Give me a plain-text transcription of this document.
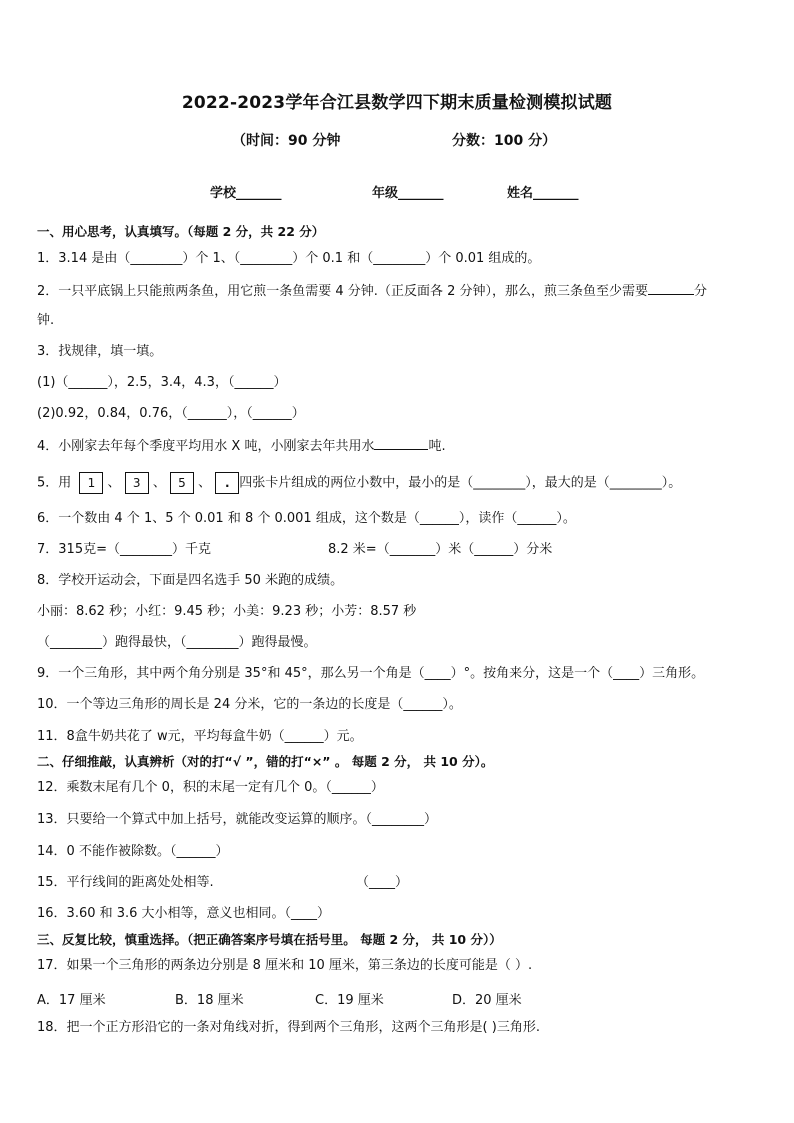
2022-2023学年合江县数学四下期末质量检测模拟试题
（时间：90 分钟	分数：100 分）
学校_______	年级_______	姓名_______
一、用心思考，认真填写。（每题 2 分，共 22 分）
1．3.14 是由（________）个 1、（________）个 0.1 和（________）个 0.01 组成的。
2．一只平底锅上只能煎两条鱼，用它煎一条鱼需要 4 分钟.（正反面各 2 分钟），那么，煎三条鱼至少需要	分
钟.
3．找规律，填一填。
(1)（______），2.5，3.4，4.3，（______）
(2)0.92，0.84，0.76，（______），（______）
4．小刚家去年每个季度平均用水 X 吨，小刚家去年共用水	吨.
5．用 1 、 3 、 5 、 . 四张卡片组成的两位小数中，最小的是（________），最大的是（________）。
6．一个数由 4 个 1、5 个 0.01 和 8 个 0.001 组成，这个数是（______），读作（______）。
7．315克=（________）千克	8.2 米=（_______）米（______）分米
8．学校开运动会，下面是四名选手 50 米跑的成绩。
小丽：8.62 秒；小红：9.45 秒；小美：9.23 秒；小芳：8.57 秒
（________）跑得最快，（________）跑得最慢。
9．一个三角形，其中两个角分别是 35°和 45°，那么另一个角是（____）°。按角来分，这是一个（____）三角形。
10．一个等边三角形的周长是 24 分米，它的一条边的长度是（______）。
11．8盒牛奶共花了 w元，平均每盒牛奶（______）元。
二、仔细推敲，认真辨析（对的打“√ ”，错的打“×” 。 每题 2 分， 共 10 分）。
12．乘数末尾有几个 0，积的末尾一定有几个 0。（______）
13．只要给一个算式中加上括号，就能改变运算的顺序。（________）
14．0 不能作被除数。（______）
15．平行线间的距离处处相等.	（____）
16．3.60 和 3.6 大小相等，意义也相同。（____）
三、反复比较，慎重选择。（把正确答案序号填在括号里。 每题 2 分， 共 10 分））
17．如果一个三角形的两条边分别是 8 厘米和 10 厘米，第三条边的长度可能是（ ）.
A．17 厘米	B．18 厘米	C．19 厘米	D．20 厘米
18．把一个正方形沿它的一条对角线对折，得到两个三角形，这两个三角形是( )三角形.
